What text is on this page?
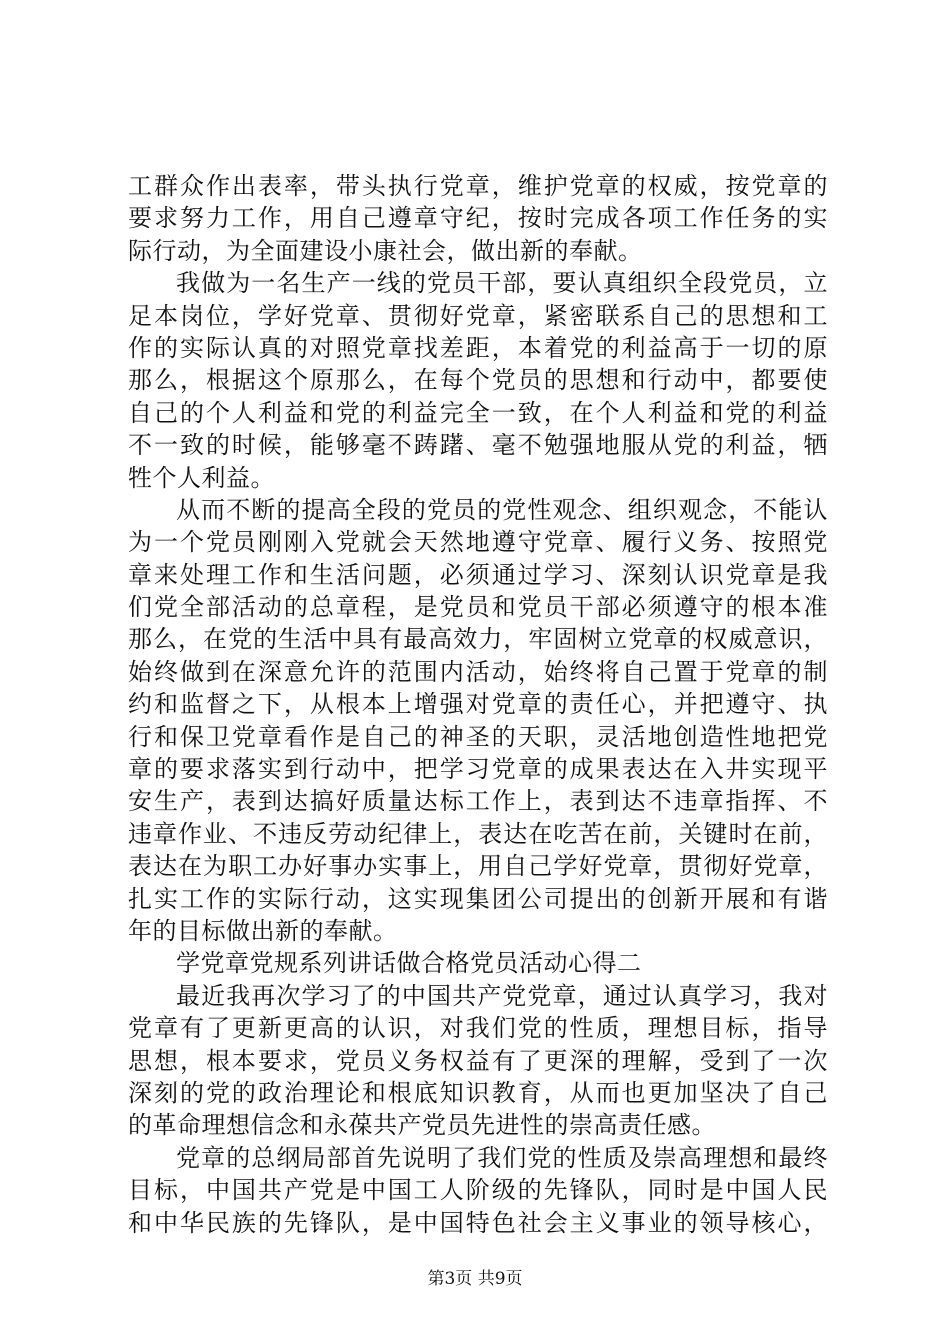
工群众作出表率，带头执行党章，维护党章的权威，按党章的
要求努力工作，用自己遵章守纪，按时完成各项工作任务的实
际行动，为全面建设小康社会，做出新的奉献。
我做为一名生产一线的党员干部，要认真组织全段党员，立
足本岗位，学好党章、贯彻好党章，紧密联系自己的思想和工
作的实际认真的对照党章找差距，本着党的利益高于一切的原
那么，根据这个原那么，在每个党员的思想和行动中，都要使
自己的个人利益和党的利益完全一致，在个人利益和党的利益
不一致的时候，能够毫不踌躇、毫不勉强地服从党的利益，牺
牲个人利益。
从而不断的提高全段的党员的党性观念、组织观念，不能认
为一个党员刚刚入党就会天然地遵守党章、履行义务、按照党
章来处理工作和生活问题，必须通过学习、深刻认识党章是我
们党全部活动的总章程，是党员和党员干部必须遵守的根本准
那么，在党的生活中具有最高效力，牢固树立党章的权威意识，
始终做到在深意允许的范围内活动，始终将自己置于党章的制
约和监督之下，从根本上增强对党章的责任心，并把遵守、执
行和保卫党章看作是自己的神圣的天职，灵活地创造性地把党
章的要求落实到行动中，把学习党章的成果表达在入井实现平
安生产，表到达搞好质量达标工作上，表到达不违章指挥、不
违章作业、不违反劳动纪律上，表达在吃苦在前，关键时在前，
表达在为职工办好事办实事上，用自己学好党章，贯彻好党章，
扎实工作的实际行动，这实现集团公司提出的创新开展和有谐
年的目标做出新的奉献。
学党章党规系列讲话做合格党员活动心得二
最近我再次学习了的中国共产党党章，通过认真学习，我对
党章有了更新更高的认识，对我们党的性质，理想目标，指导
思想，根本要求，党员义务权益有了更深的理解，受到了一次
深刻的党的政治理论和根底知识教育，从而也更加坚决了自己
的革命理想信念和永葆共产党员先进性的崇高责任感。
党章的总纲局部首先说明了我们党的性质及崇高理想和最终
目标，中国共产党是中国工人阶级的先锋队，同时是中国人民
和中华民族的先锋队，是中国特色社会主义事业的领导核心，
第3页 共9页
